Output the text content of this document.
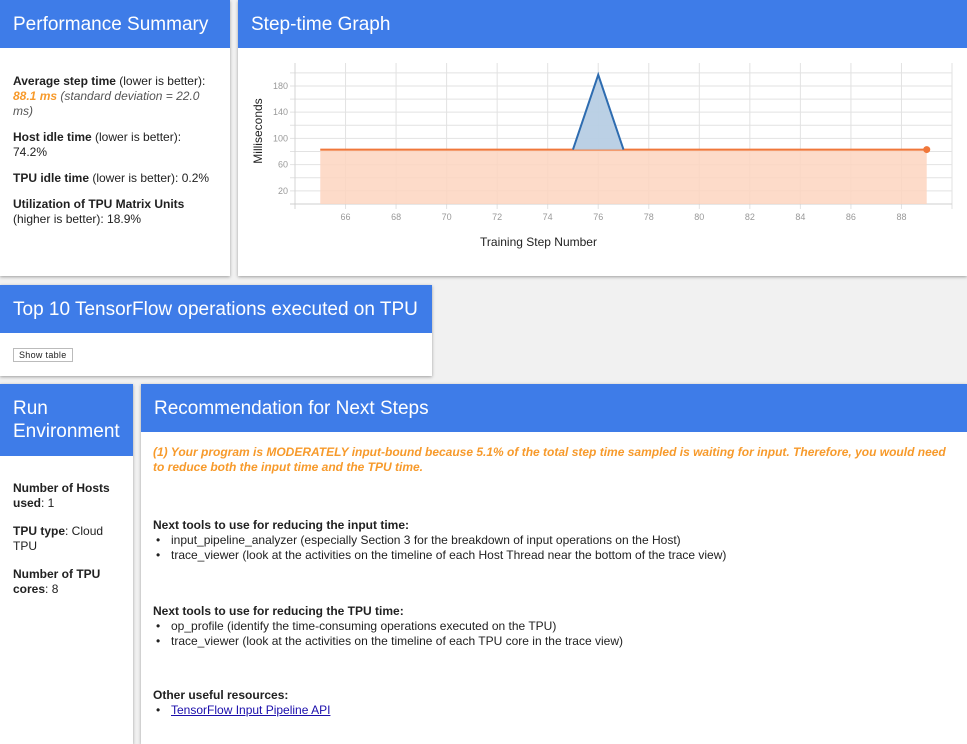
Performance Summary

Average step time (lower is better): 88.1 ms (standard deviation = 22.0 ms)

Host idle time (lower is better): 74.2%

TPU idle time (lower is better): 0.2%

Utilization of TPU Matrix Units (higher is better): 18.9%

Step-time Graph
20
60
100
140
180
66	68	70	72	74	76	78	80	82	84	86	88
Training Step Number
Milliseconds
Top 10 TensorFlow operations executed on TPU
Show table
Run Environment

Number of Hosts used: 1

TPU type: Cloud TPU

Number of TPU cores: 8

Recommendation for Next Steps

(1) Your program is MODERATELY input-bound because 5.1% of the total step time sampled is waiting for input. Therefore, you would need to reduce both the input time and the TPU time.

Next tools to use for reducing the input time:
• input_pipeline_analyzer (especially Section 3 for the breakdown of input operations on the Host)
• trace_viewer (look at the activities on the timeline of each Host Thread near the bottom of the trace view)
Next tools to use for reducing the TPU time:
• op_profile (identify the time-consuming operations executed on the TPU)
• trace_viewer (look at the activities on the timeline of each TPU core in the trace view)
Other useful resources:
• TensorFlow Input Pipeline API
